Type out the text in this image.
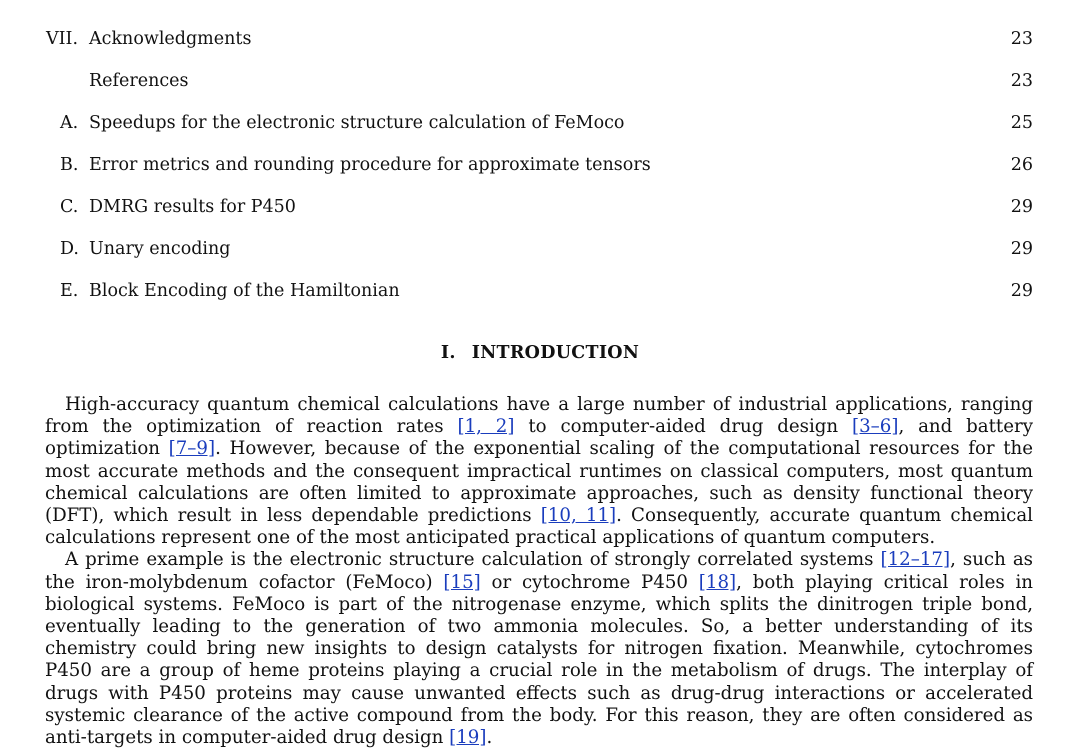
VII. Acknowledgments	23
References	23
A. Speedups for the electronic structure calculation of FeMoco	25
B. Error metrics and rounding procedure for approximate tensors	26
C. DMRG results for P450	29
D. Unary encoding	29
E. Block Encoding of the Hamiltonian	29
I. INTRODUCTION

High-accuracy quantum chemical calculations have a large number of industrial applications, ranging from the optimization of reaction rates [1, 2] to computer-aided drug design [3–6], and battery optimization [7–9]. However, because of the exponential scaling of the computational resources for the most accurate methods and the consequent impractical runtimes on classical computers, most quantum chemical calculations are often limited to approximate approaches, such as density functional theory (DFT), which result in less dependable predictions [10, 11]. Consequently, accurate quantum chemical calculations represent one of the most anticipated practical applications of quantum computers.

A prime example is the electronic structure calculation of strongly correlated systems [12–17], such as the iron-molybdenum cofactor (FeMoco) [15] or cytochrome P450 [18], both playing critical roles in biological systems. FeMoco is part of the nitrogenase enzyme, which splits the dinitrogen triple bond, eventually leading to the generation of two ammonia molecules. So, a better understanding of its chemistry could bring new insights to design catalysts for nitrogen fixation. Meanwhile, cytochromes P450 are a group of heme proteins playing a crucial role in the metabolism of drugs. The interplay of drugs with P450 proteins may cause unwanted effects such as drug-drug interactions or accelerated systemic clearance of the active compound from the body. For this reason, they are often considered as anti-targets in computer-aided drug design [19].
